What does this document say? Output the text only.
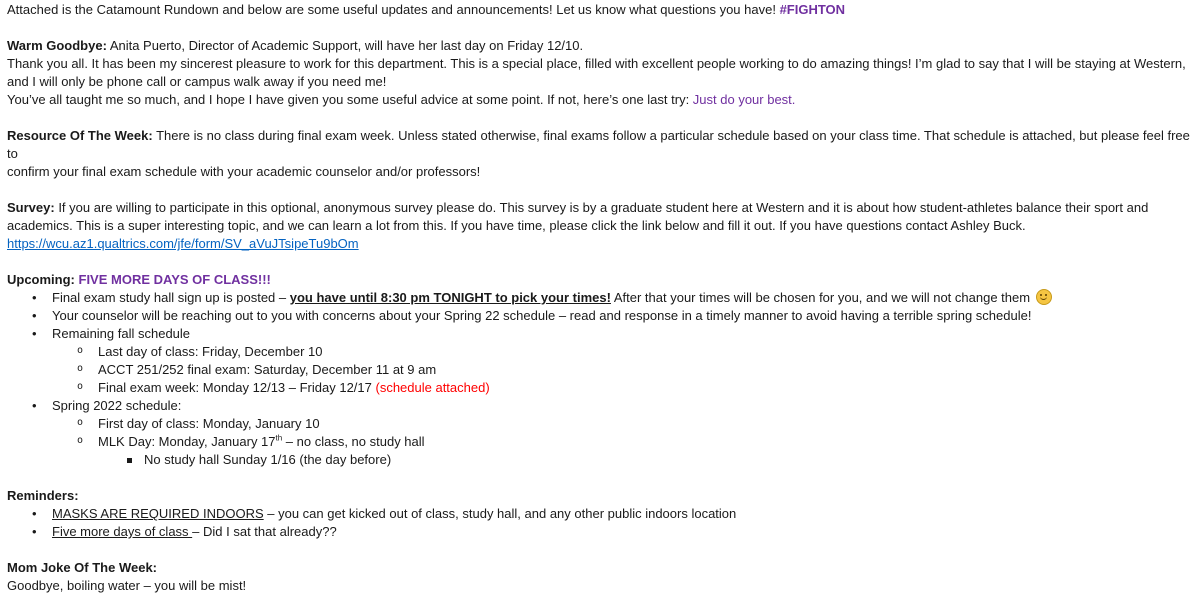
Attached is the Catamount Rundown and below are some useful updates and announcements! Let us know what questions you have! #FIGHTON

Warm Goodbye: Anita Puerto, Director of Academic Support, will have her last day on Friday 12/10.

Thank you all. It has been my sincerest pleasure to work for this department. This is a special place, filled with excellent people working to do amazing things! I’m glad to say that I will be staying at Western,

and I will only be phone call or campus walk away if you need me!

You’ve all taught me so much, and I hope I have given you some useful advice at some point. If not, here’s one last try: Just do your best.

Resource Of The Week: There is no class during final exam week. Unless stated otherwise, final exams follow a particular schedule based on your class time. That schedule is attached, but please feel free to

confirm your final exam schedule with your academic counselor and/or professors!

Survey: If you are willing to participate in this optional, anonymous survey please do. This survey is by a graduate student here at Western and it is about how student-athletes balance their sport and

academics. This is a super interesting topic, and we can learn a lot from this. If you have time, please click the link below and fill it out. If you have questions contact Ashley Buck.

https://wcu.az1.qualtrics.com/jfe/form/SV_aVuJTsipeTu9bOm

Upcoming: FIVE MORE DAYS OF CLASS!!!

• Final exam study hall sign up is posted – you have until 8:30 pm TONIGHT to pick your times! After that your times will be chosen for you, and we will not change them
• Your counselor will be reaching out to you with concerns about your Spring 22 schedule – read and response in a timely manner to avoid having a terrible spring schedule!
• Remaining fall schedule
o Last day of class: Friday, December 10
o ACCT 251/252 final exam: Saturday, December 11 at 9 am
o Final exam week: Monday 12/13 – Friday 12/17 (schedule attached)
• Spring 2022 schedule:
o First day of class: Monday, January 10
o MLK Day: Monday, January 17th – no class, no study hall
No study hall Sunday 1/16 (the day before)

Reminders:

• MASKS ARE REQUIRED INDOORS – you can get kicked out of class, study hall, and any other public indoors location
• Five more days of class – Did I sat that already??

Mom Joke Of The Week:

Goodbye, boiling water – you will be mist!
